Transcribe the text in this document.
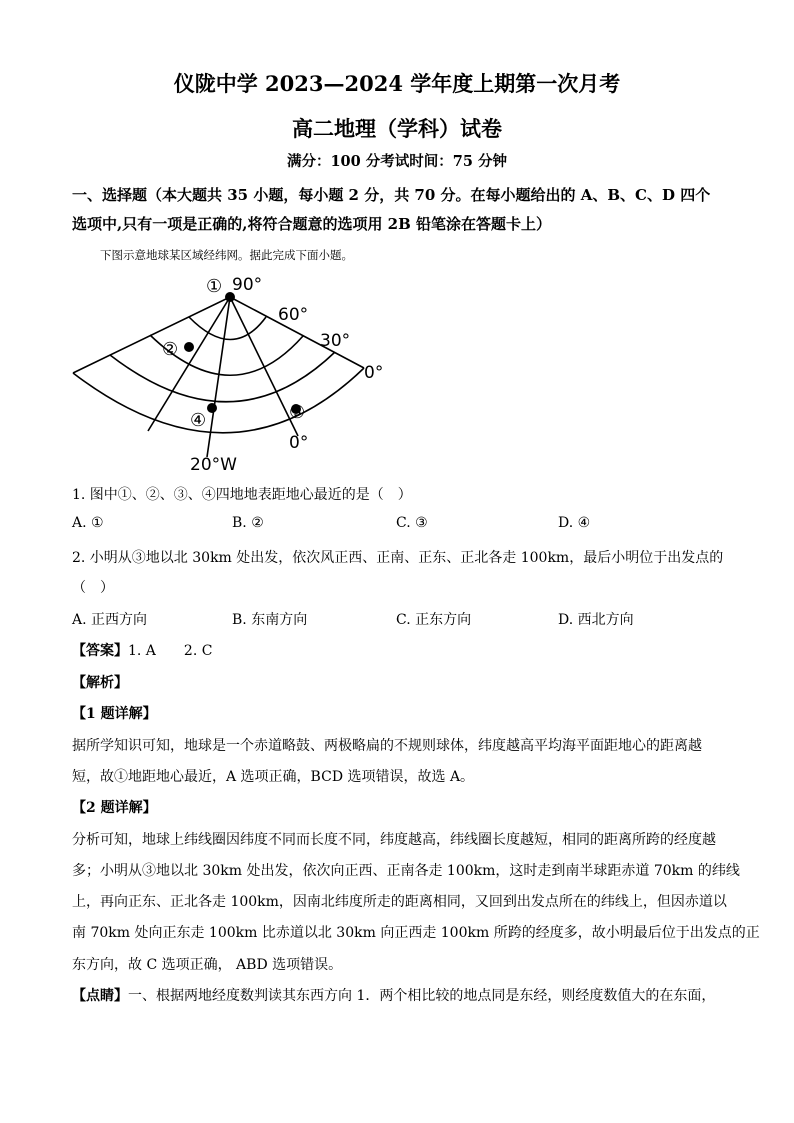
仪陇中学 2023—2024 学年度上期第一次月考
高二地理（学科）试卷
满分：100 分考试时间：75 分钟
一、选择题（本大题共 35 小题，每小题 2 分，共 70 分。在每小题给出的 A、B、C、D 四个
选项中,只有一项是正确的,将符合题意的选项用 2B 铅笔涂在答题卡上）
下图示意地球某区域经纬网。据此完成下面小题。
①
②
③
④
90°
60°
30°
0°
0°
20°W
1. 图中①、②、③、④四地地表距地心最近的是（　）
A. ①	B. ②	C. ③	D. ④
2. 小明从③地以北 30km 处出发，依次风正西、正南、正东、正北各走 100km，最后小明位于出发点的
（　）
A. 正西方向	B. 东南方向	C. 正东方向	D. 西北方向
【答案】1. A　　2. C
【解析】
【1 题详解】
据所学知识可知，地球是一个赤道略鼓、两极略扁的不规则球体，纬度越高平均海平面距地心的距离越
短，故①地距地心最近，A 选项正确，BCD 选项错误，故选 A。
【2 题详解】
分析可知，地球上纬线圈因纬度不同而长度不同，纬度越高，纬线圈长度越短，相同的距离所跨的经度越
多；小明从③地以北 30km 处出发，依次向正西、正南各走 100km，这时走到南半球距赤道 70km 的纬线
上，再向正东、正北各走 100km，因南北纬度所走的距离相同，又回到出发点所在的纬线上，但因赤道以
南 70km 处向正东走 100km 比赤道以北 30km 向正西走 100km 所跨的经度多，故小明最后位于出发点的正
东方向，故 C 选项正确， ABD 选项错误。
【点睛】一、根据两地经度数判读其东西方向 1．两个相比较的地点同是东经，则经度数值大的在东面，
